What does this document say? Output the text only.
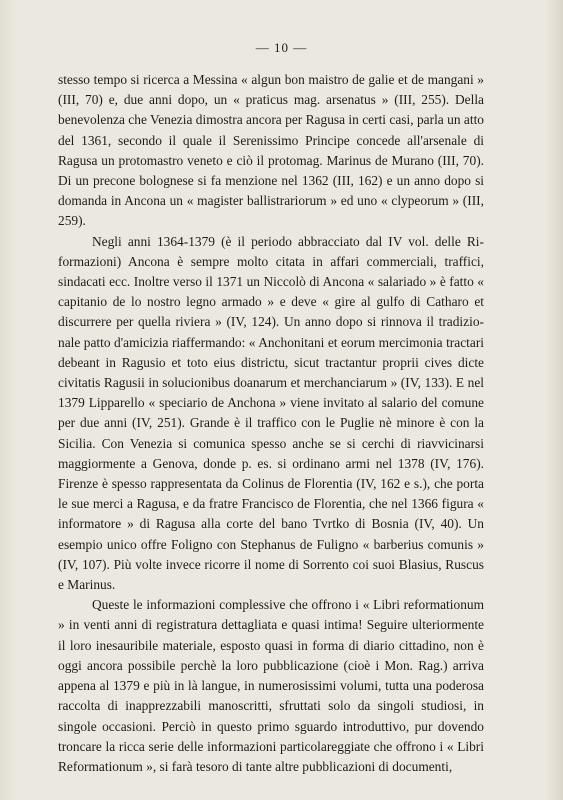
— 10 —

stesso tempo si ricerca a Messina « algun bon maistro de galie et de mangani » (III, 70) e, due anni dopo, un « praticus mag. arsenatus » (III, 255). Della benevolenza che Venezia dimostra ancora per Ragusa in certi casi, parla un atto del 1361, secondo il quale il Serenissimo Principe concede all'arsenale di Ragusa un protomastro veneto e ciò il protomag. Marinus de Murano (III, 70). Di un precone bolognese si fa menzione nel 1362 (III, 162) e un anno dopo si domanda in Ancona un « magister ballistrariorum » ed uno « clypeorum » (III, 259).

Negli anni 1364-1379 (è il periodo abbracciato dal IV vol. delle Riformazioni) Ancona è sempre molto citata in affari commerciali, traffici, sindacati ecc. Inoltre verso il 1371 un Niccolò di Ancona « salariado » è fatto « capitanio de lo nostro legno armado » e deve « gire al gulfo di Catharo et discurrere per quella riviera » (IV, 124). Un anno dopo si rinnova il tradizionale patto d'amicizia riaffermando: « Anchonitani et eorum mercimonia tractari debeant in Ragusio et toto eius districtu, sicut tractantur proprii cives dicte civitatis Ragusii in solucionibus doanarum et merchanciarum » (IV, 133). E nel 1379 Lipparello « speciario de Anchona » viene invitato al salario del comune per due anni (IV, 251). Grande è il traffico con le Puglie nè minore è con la Sicilia. Con Venezia si comunica spesso anche se si cerchi di riavvicinarsi maggiormente a Genova, donde p. es. si ordinano armi nel 1378 (IV, 176). Firenze è spesso rappresentata da Colinus de Florentia (IV, 162 e s.), che porta le sue merci a Ragusa, e da fratre Francisco de Florentia, che nel 1366 figura « informatore » di Ragusa alla corte del bano Tvrtko di Bosnia (IV, 40). Un esempio unico offre Foligno con Stephanus de Fuligno « barberius comunis » (IV, 107). Più volte invece ricorre il nome di Sorrento coi suoi Blasius, Ruscus e Marinus.

Queste le informazioni complessive che offrono i « Libri reformationum » in venti anni di registratura dettagliata e quasi intima! Seguire ulteriormente il loro inesauribile materiale, esposto quasi in forma di diario cittadino, non è oggi ancora possibile perchè la loro pubblicazione (cioè i Mon. Rag.) arriva appena al 1379 e più in là langue, in numerosissimi volumi, tutta una poderosa raccolta di inapprezzabili manoscritti, sfruttati solo da singoli studiosi, in singole occasioni. Perciò in questo primo sguardo introduttivo, pur dovendo troncare la ricca serie delle informazioni particolareggiate che offrono i « Libri Reformationum », si farà tesoro di tante altre pubblicazioni di documenti,
